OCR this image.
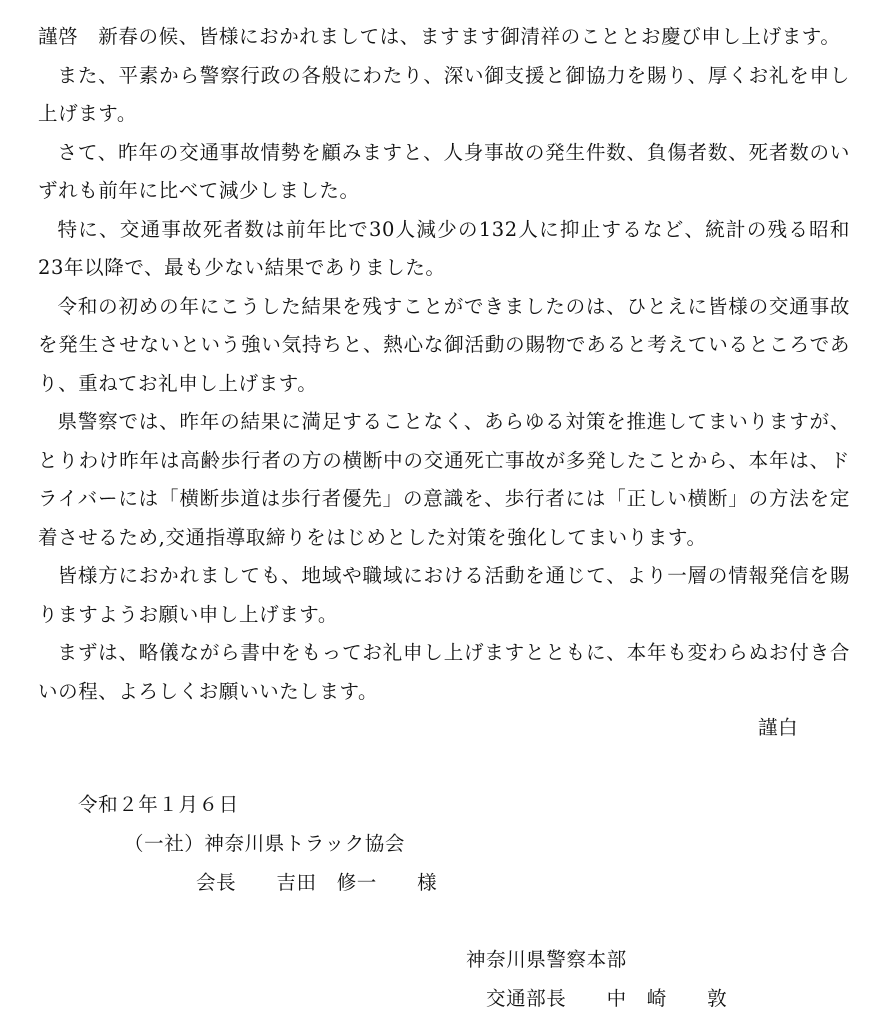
謹啓　新春の候、皆様におかれましては、ますます御清祥のこととお慶び申し上げます。

また、平素から警察行政の各般にわたり、深い御支援と御協力を賜り、厚くお礼を申し上げます。

さて、昨年の交通事故情勢を顧みますと、人身事故の発生件数、負傷者数、死者数のいずれも前年に比べて減少しました。

特に、交通事故死者数は前年比で30人減少の132人に抑止するなど、統計の残る昭和23年以降で、最も少ない結果でありました。

令和の初めの年にこうした結果を残すことができましたのは、ひとえに皆様の交通事故を発生させないという強い気持ちと、熱心な御活動の賜物であると考えているところであり、重ねてお礼申し上げます。

県警察では、昨年の結果に満足することなく、あらゆる対策を推進してまいりますが、とりわけ昨年は高齢歩行者の方の横断中の交通死亡事故が多発したことから、本年は、ドライバーには「横断歩道は歩行者優先」の意識を、歩行者には「正しい横断」の方法を定着させるため,交通指導取締りをはじめとした対策を強化してまいります。

皆様方におかれましても、地域や職域における活動を通じて、より一層の情報発信を賜りますようお願い申し上げます。

まずは、略儀ながら書中をもってお礼申し上げますとともに、本年も変わらぬお付き合いの程、よろしくお願いいたします。

謹白
令和２年１月６日
（一社）神奈川県トラック協会
会長　　吉田　修一　　様
神奈川県警察本部
交通部長　　中　崎　　敦
